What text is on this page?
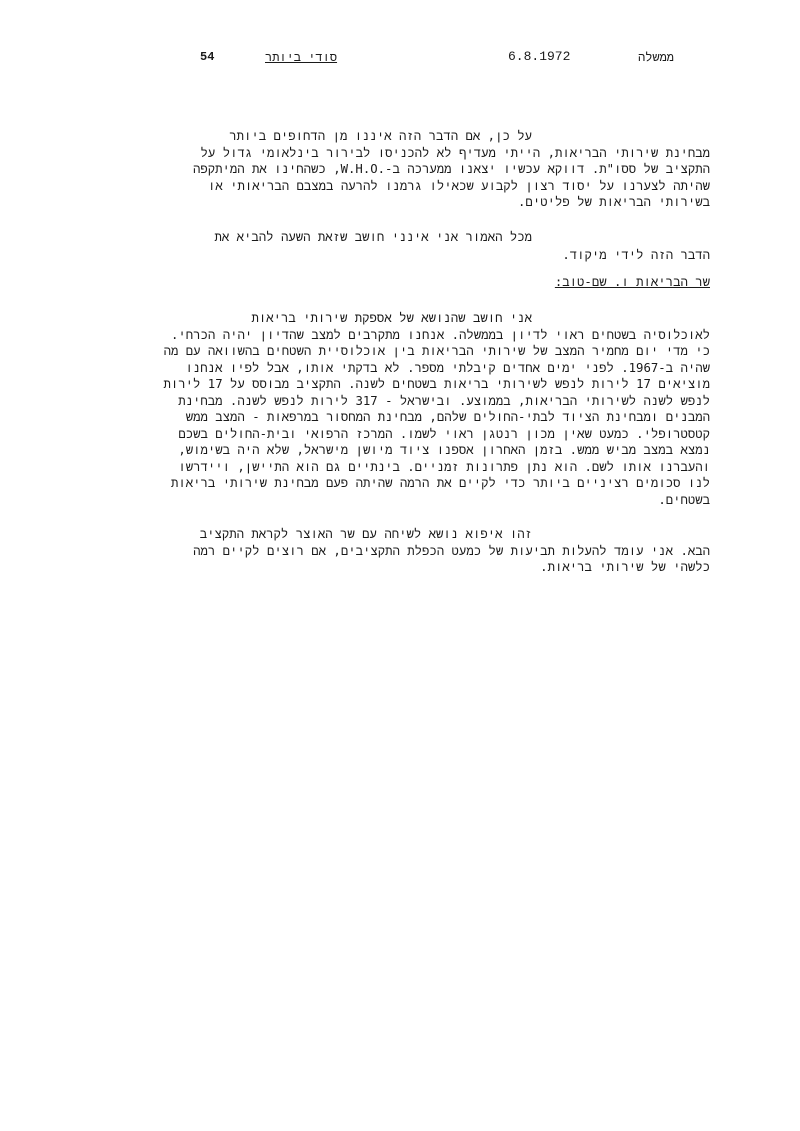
ממשלה
6.8.1972
סודי ביותר
54
על כן, אם הדבר הזה איננו מן הדחופים ביותר
מבחינת שירותי הבריאות, הייתי מעדיף לא להכניסו לבירור בינלאומי גדול על
התקציב של ססו"ת. דווקא עכשיו יצאנו ממערכה ב-.W.H.O, כשהחינו את המיתקפה
שהיתה לצערנו על יסוד רצון לקבוע שכאילו גרמנו להרעה במצבם הבריאותי או
בשירותי הבריאות של פליטים.
מכל האמור אני אינני חושב שזאת השעה להביא את
הדבר הזה לידי מיקוד.
שר הבריאות ו. שם-טוב:
אני חושב שהנושא של אספקת שירותי בריאות
לאוכלוסיה בשטחים ראוי לדיון בממשלה. אנחנו מתקרבים למצב שהדיון יהיה הכרחי.
כי מדי יום מחמיר המצב של שירותי הבריאות בין אוכלוסיית השטחים בהשוואה עם מה
שהיה ב-1967. לפני ימים אחדים קיבלתי מספר. לא בדקתי אותו, אבל לפיו אנחנו
מוציאים 17 לירות לנפש לשירותי בריאות בשטחים לשנה. התקציב מבוסס על 17 לירות
לנפש לשנה לשירותי הבריאות, בממוצע. ובישראל - 317 לירות לנפש לשנה. מבחינת
המבנים ומבחינת הציוד לבתי-החולים שלהם, מבחינת המחסור במרפאות - המצב ממש
קטסטרופלי. כמעט שאין מכון רנטגן ראוי לשמו. המרכז הרפואי ובית-החולים בשכם
נמצא במצב מביש ממש. בזמן האחרון אספנו ציוד מיושן מישראל, שלא היה בשימוש,
והעברנו אותו לשם. הוא נתן פתרונות זמניים. בינתיים גם הוא התיישן, ויידרשו
לנו סכומים רציניים ביותר כדי לקיים את הרמה שהיתה פעם מבחינת שירותי בריאות
בשטחים.
זהו איפוא נושא לשיחה עם שר האוצר לקראת התקציב
הבא. אני עומד להעלות תביעות של כמעט הכפלת התקציבים, אם רוצים לקיים רמה
כלשהי של שירותי בריאות.
